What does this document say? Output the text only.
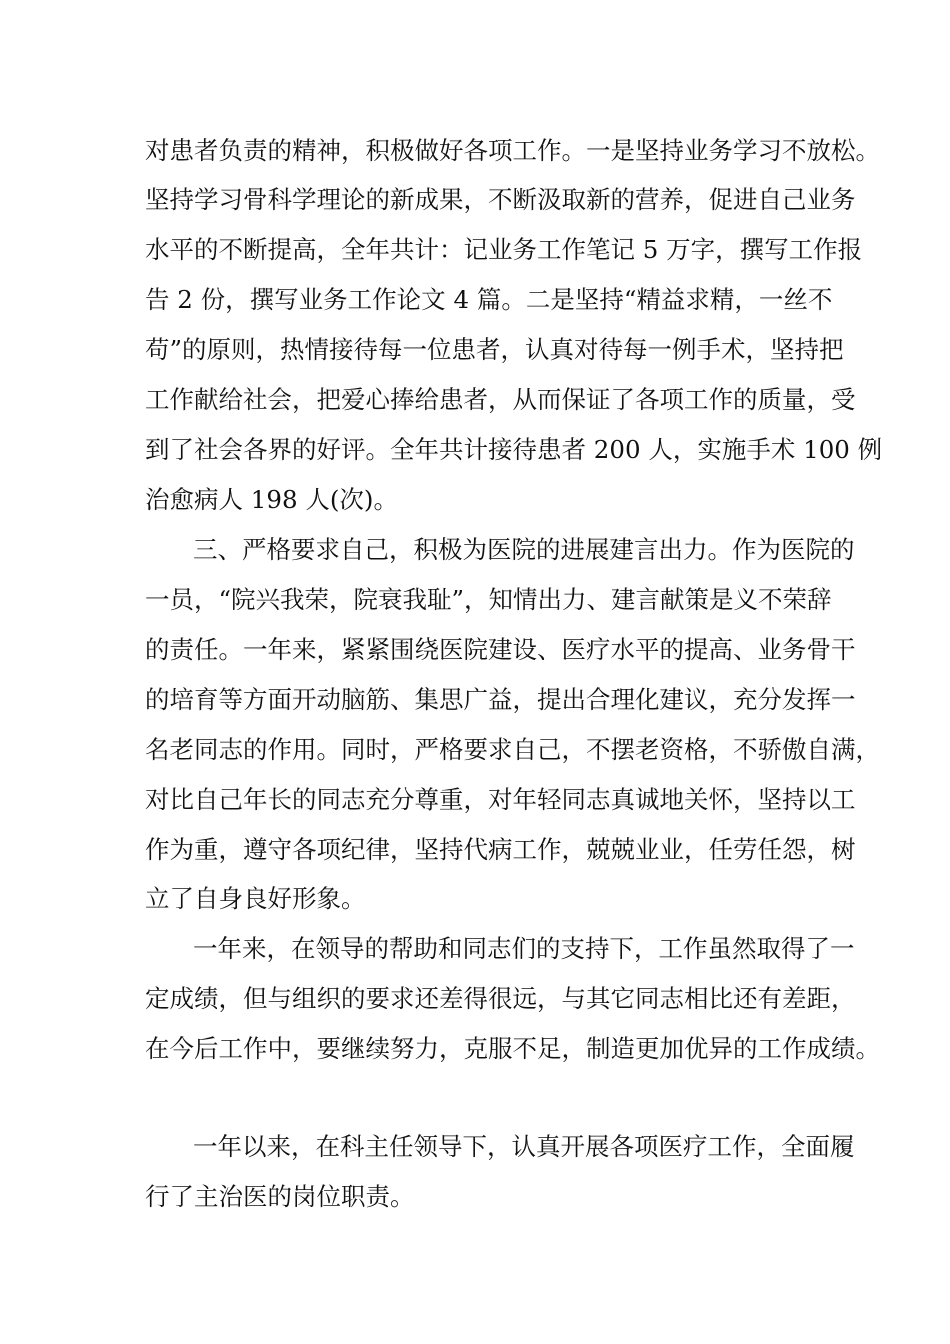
对患者负责的精神，积极做好各项工作。一是坚持业务学习不放松。
坚持学习骨科学理论的新成果，不断汲取新的营养，促进自己业务
水平的不断提高，全年共计：记业务工作笔记 5 万字，撰写工作报
告 2 份，撰写业务工作论文 4 篇。二是坚持“精益求精，一丝不
苟”的原则，热情接待每一位患者，认真对待每一例手术，坚持把
工作献给社会，把爱心捧给患者，从而保证了各项工作的质量，受
到了社会各界的好评。全年共计接待患者 200 人，实施手术 100 例
治愈病人 198 人(次)。
三、严格要求自己，积极为医院的进展建言出力。作为医院的
一员，“院兴我荣，院衰我耻”，知情出力、建言献策是义不荣辞
的责任。一年来，紧紧围绕医院建设、医疗水平的提高、业务骨干
的培育等方面开动脑筋、集思广益，提出合理化建议，充分发挥一
名老同志的作用。同时，严格要求自己，不摆老资格，不骄傲自满，
对比自己年长的同志充分尊重，对年轻同志真诚地关怀，坚持以工
作为重，遵守各项纪律，坚持代病工作，兢兢业业，任劳任怨，树
立了自身良好形象。
一年来，在领导的帮助和同志们的支持下，工作虽然取得了一
定成绩，但与组织的要求还差得很远，与其它同志相比还有差距，
在今后工作中，要继续努力，克服不足，制造更加优异的工作成绩。
一年以来，在科主任领导下，认真开展各项医疗工作，全面履
行了主治医的岗位职责。
